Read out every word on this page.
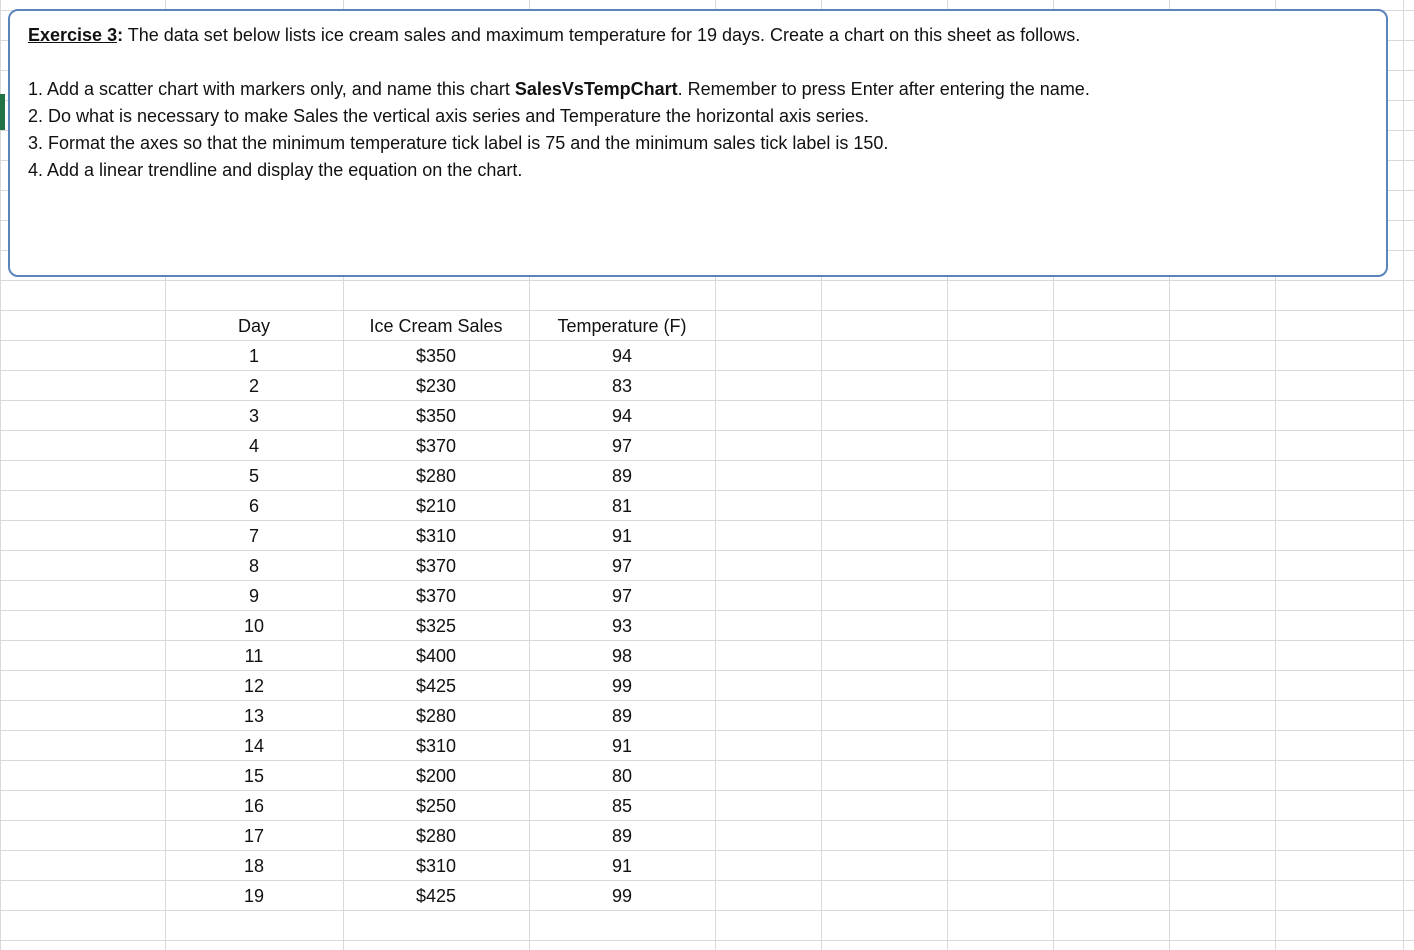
Exercise 3: The data set below lists ice cream sales and maximum temperature for 19 days. Create a chart on this sheet as follows.
1. Add a scatter chart with markers only, and name this chart SalesVsTempChart. Remember to press Enter after entering the name.
2. Do what is necessary to make Sales the vertical axis series and Temperature the horizontal axis series.
3. Format the axes so that the minimum temperature tick label is 75 and the minimum sales tick label is 150.
4. Add a linear trendline and display the equation on the chart.
Day	Ice Cream Sales	Temperature (F)
1	$350	94
2	$230	83
3	$350	94
4	$370	97
5	$280	89
6	$210	81
7	$310	91
8	$370	97
9	$370	97
10	$325	93
11	$400	98
12	$425	99
13	$280	89
14	$310	91
15	$200	80
16	$250	85
17	$280	89
18	$310	91
19	$425	99
